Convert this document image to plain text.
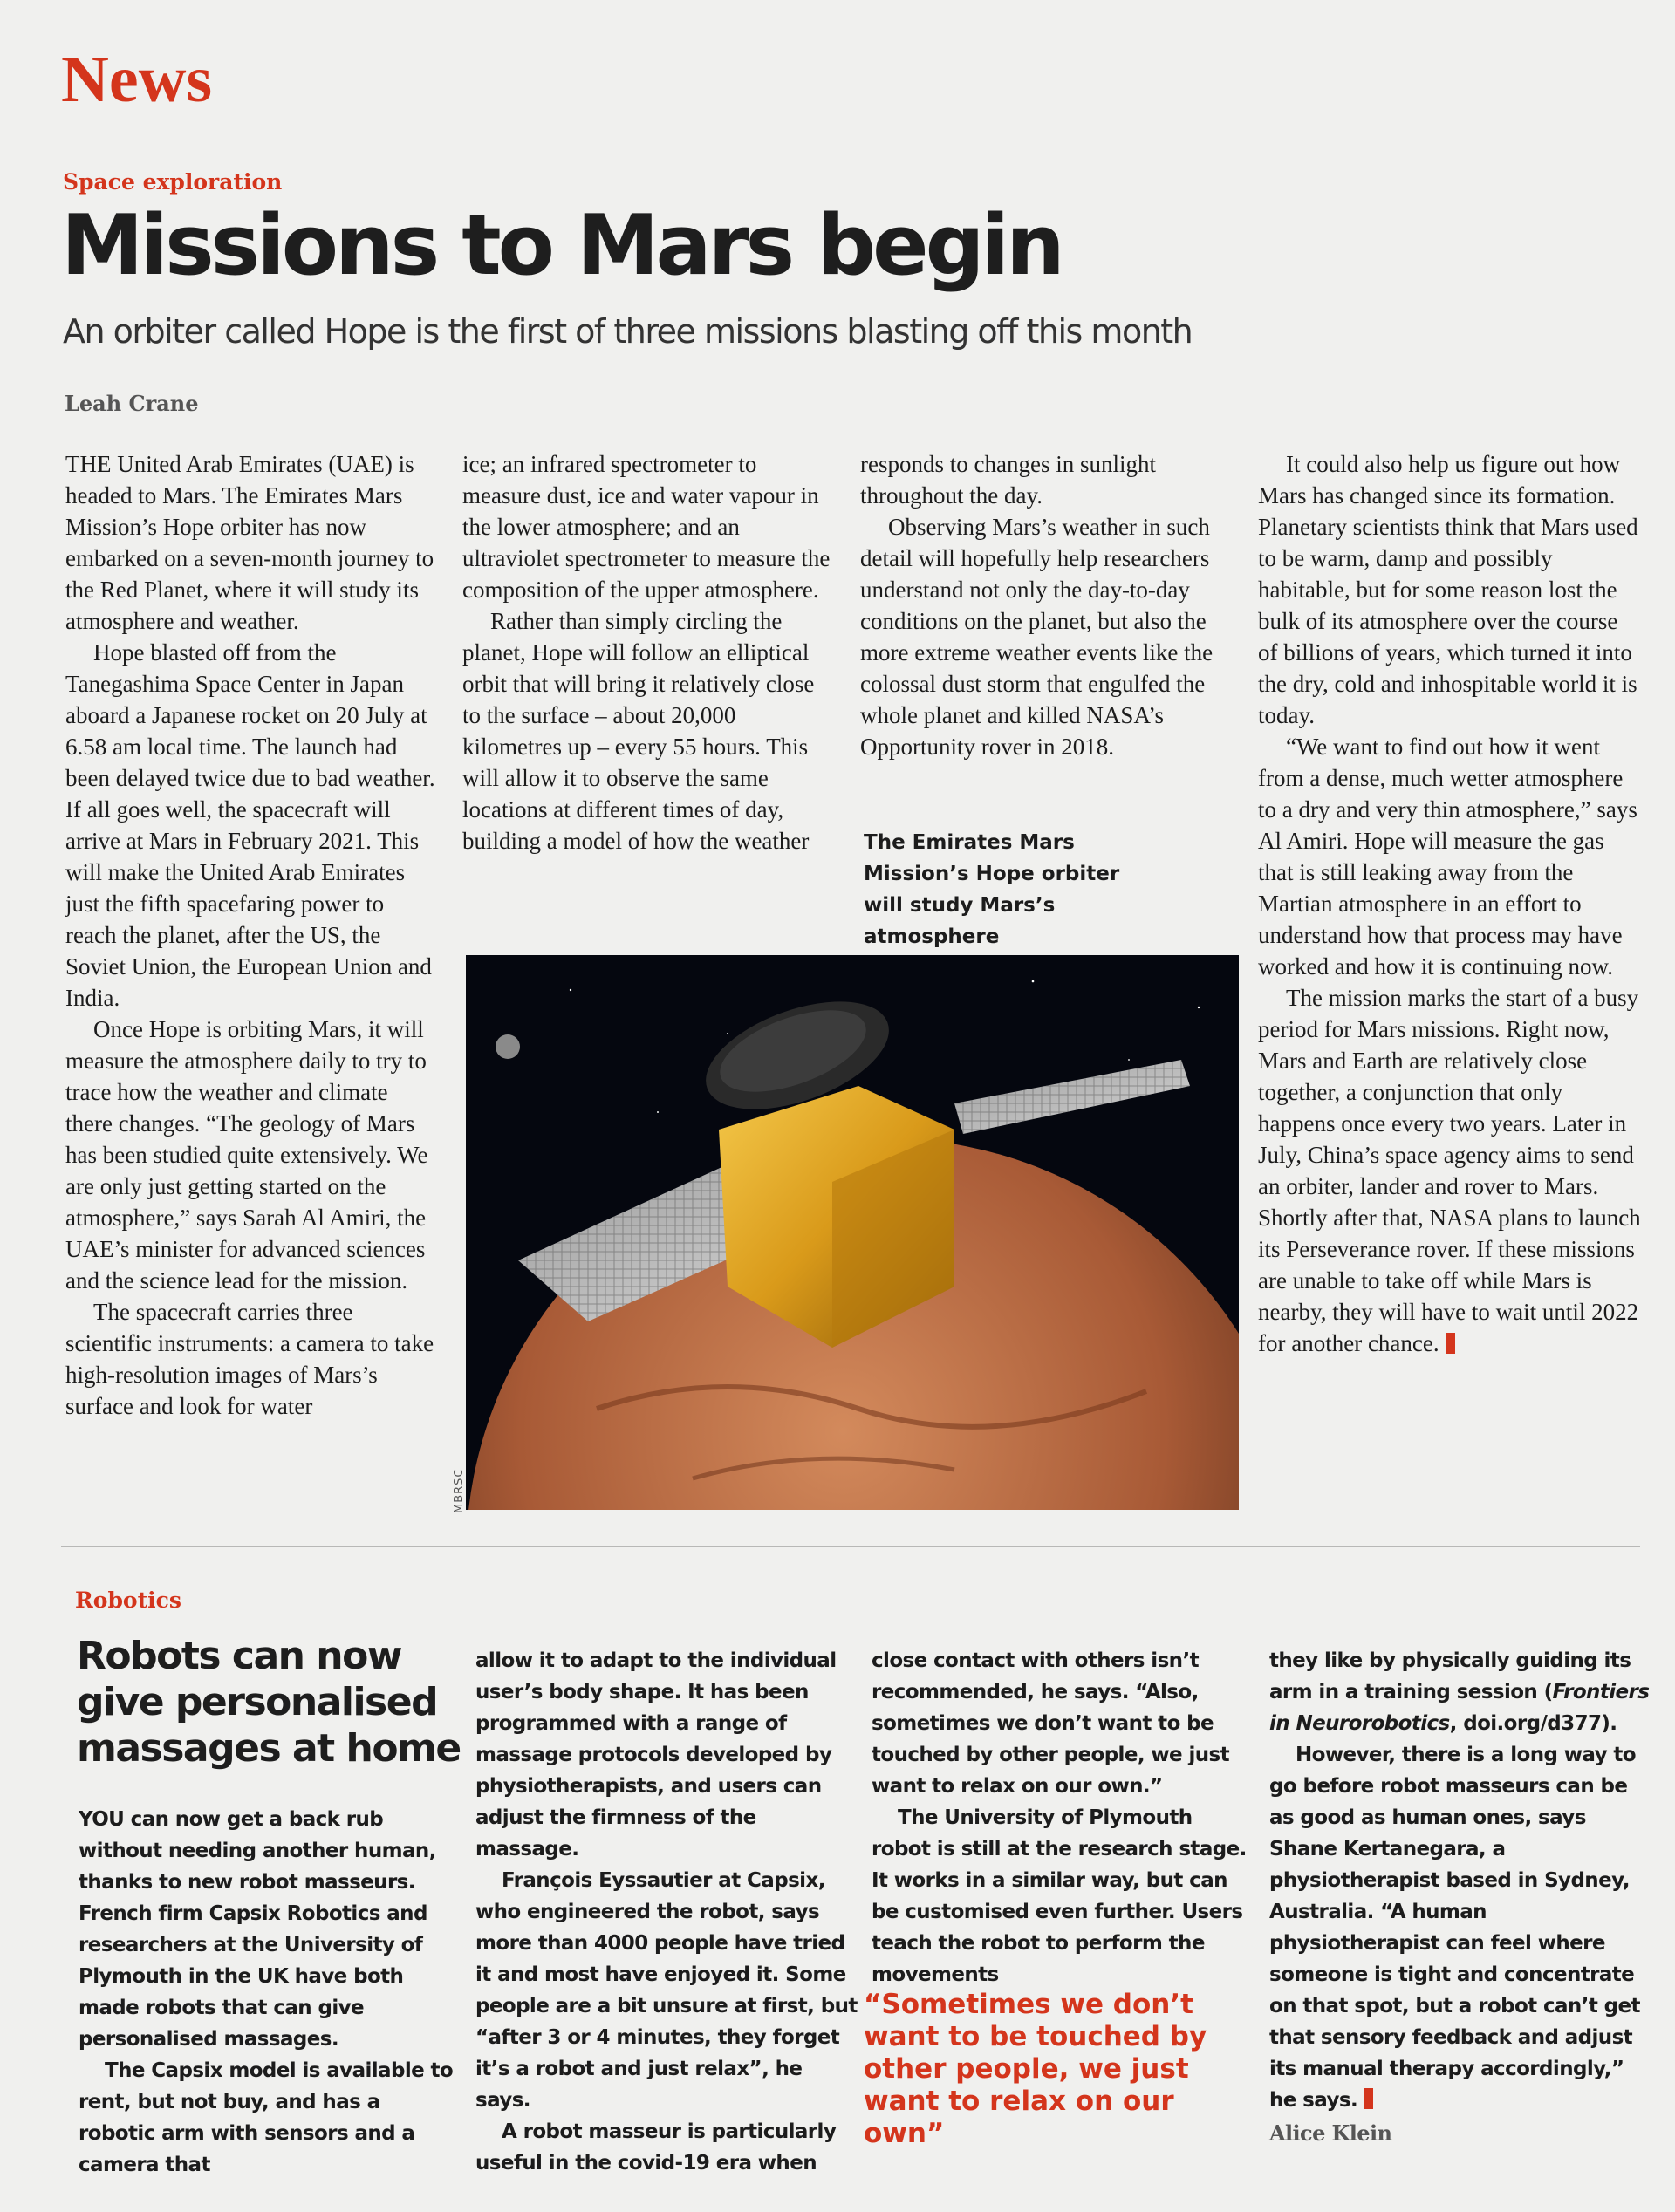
News
Space exploration
Missions to Mars begin

An orbiter called Hope is the first of three missions blasting off this month

Leah Crane

THE United Arab Emirates (UAE) is headed to Mars. The Emirates Mars Mission’s Hope orbiter has now embarked on a seven-month journey to the Red Planet, where it will study its atmosphere and weather.

Hope blasted off from the Tanegashima Space Center in Japan aboard a Japanese rocket on 20 July at 6.58 am local time. The launch had been delayed twice due to bad weather. If all goes well, the spacecraft will arrive at Mars in February 2021. This will make the United Arab Emirates just the fifth spacefaring power to reach the planet, after the US, the Soviet Union, the European Union and India.

Once Hope is orbiting Mars, it will measure the atmosphere daily to try to trace how the weather and climate there changes. “The geology of Mars has been studied quite extensively. We are only just getting started on the atmosphere,” says Sarah Al Amiri, the UAE’s minister for advanced sciences and the science lead for the mission.

The spacecraft carries three scientific instruments: a camera to take high-resolution images of Mars’s surface and look for water

ice; an infrared spectrometer to measure dust, ice and water vapour in the lower atmosphere; and an ultraviolet spectrometer to measure the composition of the upper atmosphere.

Rather than simply circling the planet, Hope will follow an elliptical orbit that will bring it relatively close to the surface – about 20,000 kilometres up – every 55 hours. This will allow it to observe the same locations at different times of day, building a model of how the weather

responds to changes in sunlight throughout the day.

Observing Mars’s weather in such detail will hopefully help researchers understand not only the day-to-day conditions on the planet, but also the more extreme weather events like the colossal dust storm that engulfed the whole planet and killed NASA’s Opportunity rover in 2018.

The Emirates Mars Mission’s Hope orbiter will study Mars’s atmosphere

It could also help us figure out how Mars has changed since its formation. Planetary scientists think that Mars used to be warm, damp and possibly habitable, but for some reason lost the bulk of its atmosphere over the course of billions of years, which turned it into the dry, cold and inhospitable world it is today.

“We want to find out how it went from a dense, much wetter atmosphere to a dry and very thin atmosphere,” says Al Amiri. Hope will measure the gas that is still leaking away from the Martian atmosphere in an effort to understand how that process may have worked and how it is continuing now.

The mission marks the start of a busy period for Mars missions. Right now, Mars and Earth are relatively close together, a conjunction that only happens once every two years. Later in July, China’s space agency aims to send an orbiter, lander and rover to Mars. Shortly after that, NASA plans to launch its Perseverance rover. If these missions are unable to take off while Mars is nearby, they will have to wait until 2022 for another chance.

MBRSC
Robotics
Robots can now give personalised massages at home

YOU can now get a back rub without needing another human, thanks to new robot masseurs. French firm Capsix Robotics and researchers at the University of Plymouth in the UK have both made robots that can give personalised massages.

The Capsix model is available to rent, but not buy, and has a robotic arm with sensors and a camera that

allow it to adapt to the individual user’s body shape. It has been programmed with a range of massage protocols developed by physiotherapists, and users can adjust the firmness of the massage.

François Eyssautier at Capsix, who engineered the robot, says more than 4000 people have tried it and most have enjoyed it. Some people are a bit unsure at first, but “after 3 or 4 minutes, they forget it’s a robot and just relax”, he says.

A robot masseur is particularly useful in the covid-19 era when

close contact with others isn’t recommended, he says. “Also, sometimes we don’t want to be touched by other people, we just want to relax on our own.”

The University of Plymouth robot is still at the research stage. It works in a similar way, but can be customised even further. Users teach the robot to perform the movements

“Sometimes we don’t want to be touched by other people, we just want to relax on our own”

they like by physically guiding its arm in a training session (Frontiers in Neurorobotics, doi.org/d377).

However, there is a long way to go before robot masseurs can be as good as human ones, says Shane Kertanegara, a physiotherapist based in Sydney, Australia. “A human physiotherapist can feel where someone is tight and concentrate on that spot, but a robot can’t get that sensory feedback and adjust its manual therapy accordingly,” he says.

Alice Klein
